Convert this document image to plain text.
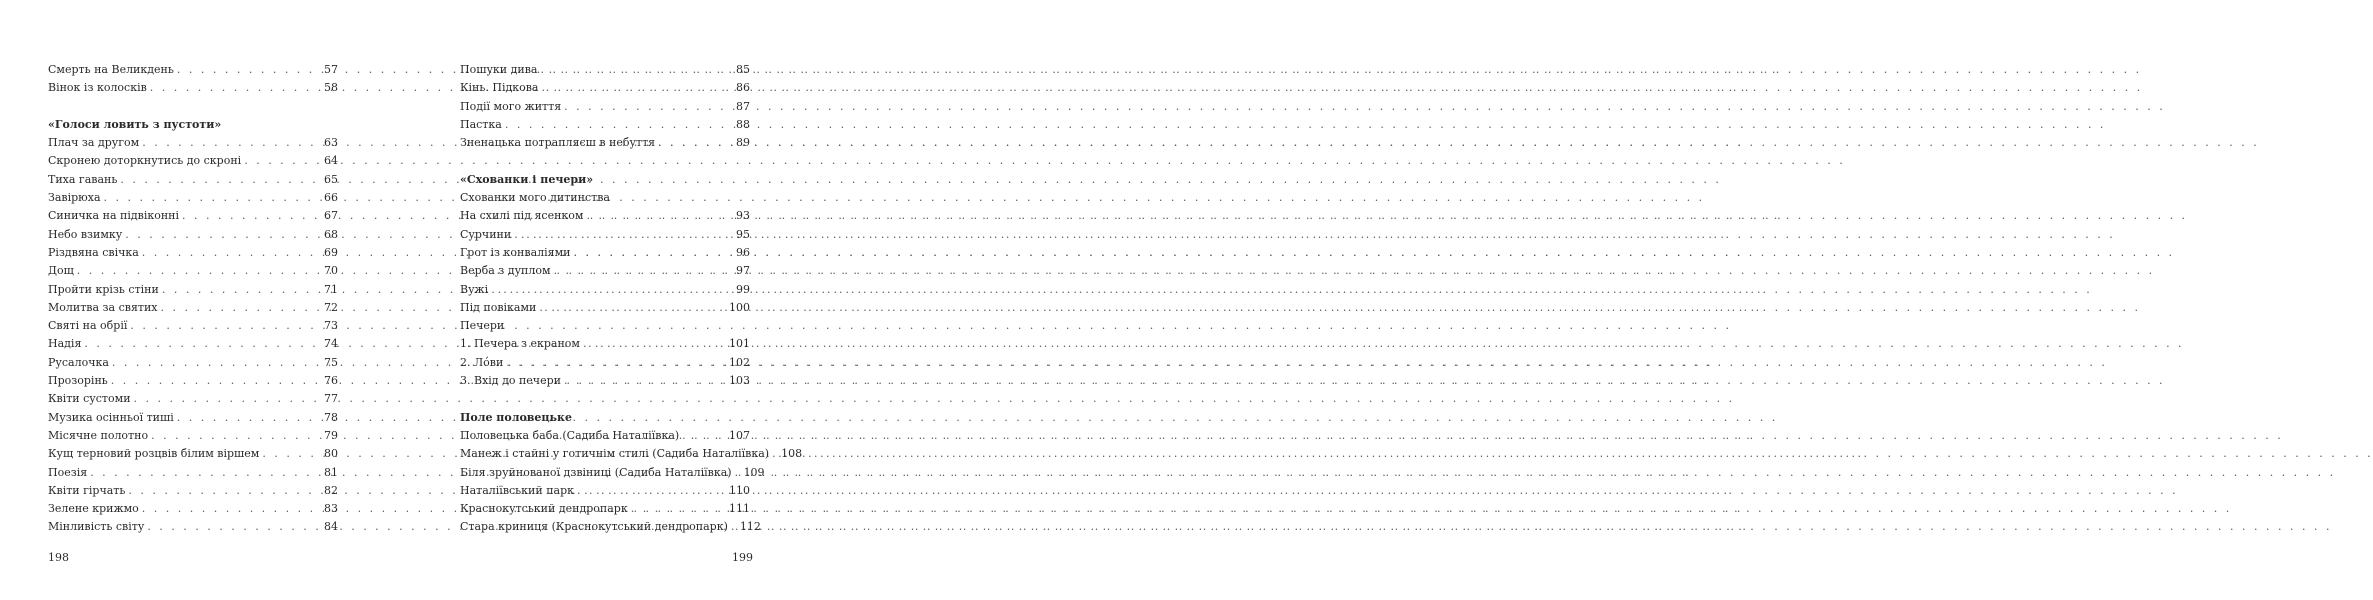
Смерть на Великдень . . .	57
Вінок із колосків . . .	58
«Голоси ловить з пустоти»
Плач за другом . . .	63
Скронею доторкнутись до скроні . . .	64
Тиха гавань . . .	65
Завірюха . . .	66
Синичка на підвіконні . . .	67
Небо взимку . . .	68
Різдвяна свічка . . .	69
Дощ . . .	70
Пройти крізь стіни . . .	71
Молитва за святих . . .	72
Святі на обрії . . .	73
Надія . . .	74
Русалочка . . .	75
Прозорінь . . .	76
Квіти сустоми . . .	77
Музика осінньої тиші . . .	78
Місячне полотно . . .	79
Кущ терновий розцвів білим віршем . . .	80
Поезія . . .	81
Квіти гірчать . . .	82
Зелене крижмо . . .	83
Мінливість світу . . .	84
198
Пошуки дива . . .	85
Кінь. Підкова . . .	86
Події мого життя . . .	87
Пастка . . .	88
Зненацька потрапляєш в небуття . . .	89
«Схованки і печери»
Схованки мого дитинства
На схилі під ясенком . . .	93
Сурчини . . .	95
Грот із конваліями . . .	96
Верба з дуплом . . .	97
Вужі . . .	99
Під повіками . . .	100
Печери
1. Печера з екраном . . .	101
2. Лóви . . .	102
3. Вхід до печери . . .	103
Поле половецьке
Половецька баба (Садиба Наталіївка) . . .	107
Манеж і стайні у готичнім стилі (Садиба Наталіївка) . . . 108
Біля зруйнованої дзвіниці (Садиба Наталіївка) . . . 109
Наталіївський парк . . .	110
Краснокутський дендропарк . . .	111
Стара криниця (Краснокутський дендропарк) . . . 112
199
